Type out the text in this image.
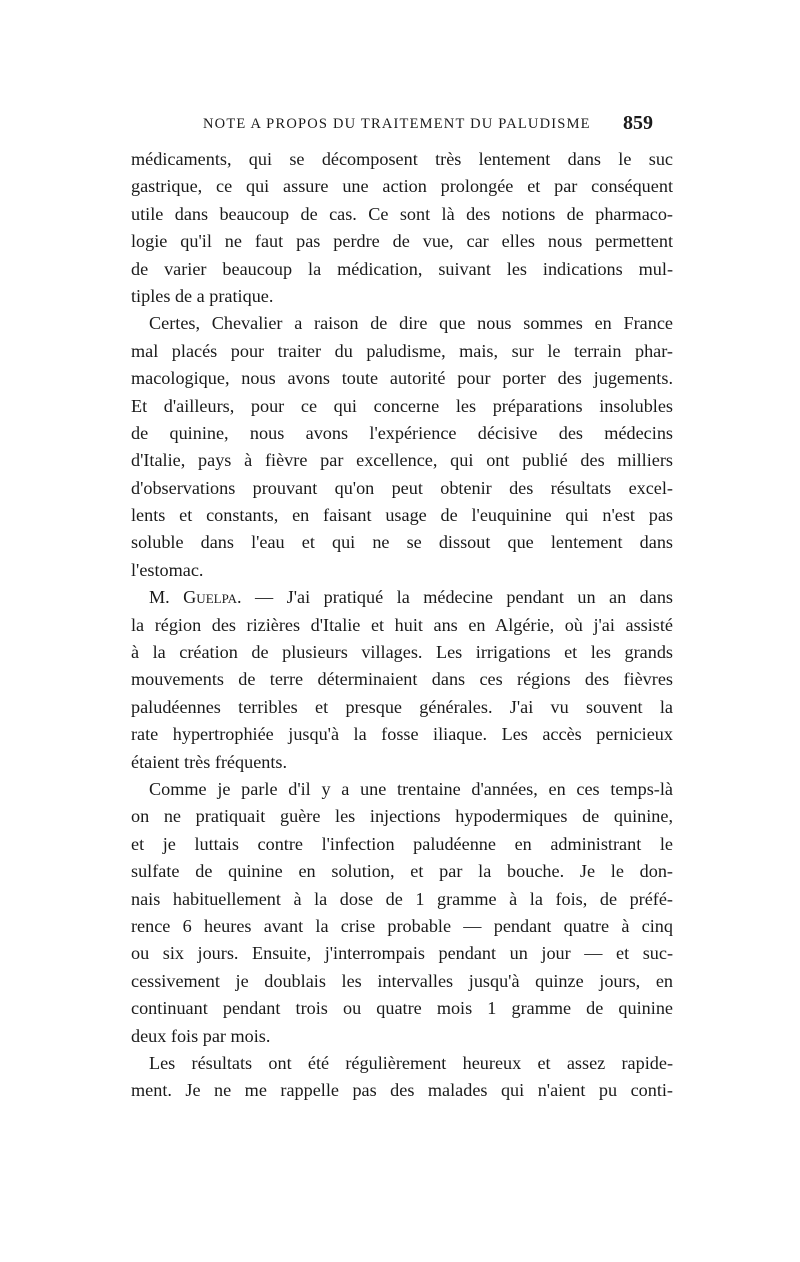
NOTE A PROPOS DU TRAITEMENT DU PALUDISME 859
médicaments, qui se décomposent très lentement dans le suc
gastrique, ce qui assure une action prolongée et par conséquent
utile dans beaucoup de cas. Ce sont là des notions de pharmaco-
logie qu'il ne faut pas perdre de vue, car elles nous permettent
de varier beaucoup la médication, suivant les indications mul-
tiples de a pratique.
Certes, Chevalier a raison de dire que nous sommes en France
mal placés pour traiter du paludisme, mais, sur le terrain phar-
macologique, nous avons toute autorité pour porter des jugements.
Et d'ailleurs, pour ce qui concerne les préparations insolubles
de quinine, nous avons l'expérience décisive des médecins
d'Italie, pays à fièvre par excellence, qui ont publié des milliers
d'observations prouvant qu'on peut obtenir des résultats excel-
lents et constants, en faisant usage de l'euquinine qui n'est pas
soluble dans l'eau et qui ne se dissout que lentement dans
l'estomac.
M. Guelpa. — J'ai pratiqué la médecine pendant un an dans
la région des rizières d'Italie et huit ans en Algérie, où j'ai assisté
à la création de plusieurs villages. Les irrigations et les grands
mouvements de terre déterminaient dans ces régions des fièvres
paludéennes terribles et presque générales. J'ai vu souvent la
rate hypertrophiée jusqu'à la fosse iliaque. Les accès pernicieux
étaient très fréquents.
Comme je parle d'il y a une trentaine d'années, en ces temps-là
on ne pratiquait guère les injections hypodermiques de quinine,
et je luttais contre l'infection paludéenne en administrant le
sulfate de quinine en solution, et par la bouche. Je le don-
nais habituellement à la dose de 1 gramme à la fois, de préfé-
rence 6 heures avant la crise probable — pendant quatre à cinq
ou six jours. Ensuite, j'interrompais pendant un jour — et suc-
cessivement je doublais les intervalles jusqu'à quinze jours, en
continuant pendant trois ou quatre mois 1 gramme de quinine
deux fois par mois.
Les résultats ont été régulièrement heureux et assez rapide-
ment. Je ne me rappelle pas des malades qui n'aient pu conti-
